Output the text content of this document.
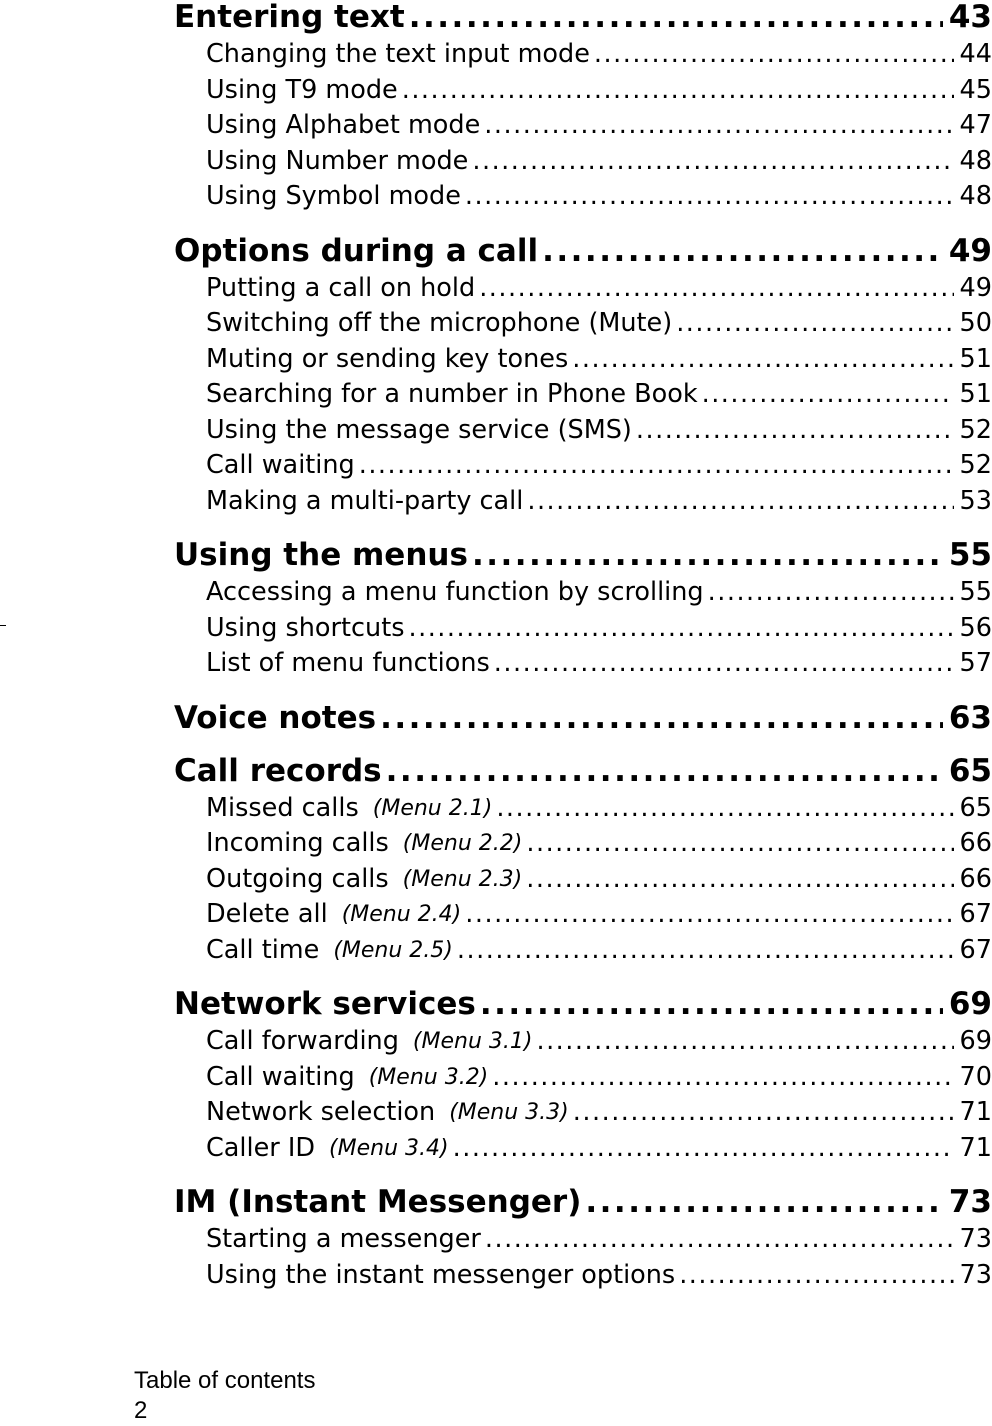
Entering text .....	43
Changing the text input mode .....	44
Using T9 mode .....	45
Using Alphabet mode .....	47
Using Number mode .....	48
Using Symbol mode .....	48
Options during a call .....	49
Putting a call on hold .....	49
Switching off the microphone (Mute) .....	50
Muting or sending key tones .....	51
Searching for a number in Phone Book .....	51
Using the message service (SMS) .....	52
Call waiting .....	52
Making a multi-party call .....	53
Using the menus .....	55
Accessing a menu function by scrolling .....	55
Using shortcuts .....	56
List of menu functions .....	57
Voice notes .....	63
Call records .....	65
Missed calls (Menu 2.1) .....	65
Incoming calls (Menu 2.2) .....	66
Outgoing calls (Menu 2.3) .....	66
Delete all (Menu 2.4) .....	67
Call time (Menu 2.5) .....	67
Network services .....	69
Call forwarding (Menu 3.1) .....	69
Call waiting (Menu 3.2) .....	70
Network selection (Menu 3.3) .....	71
Caller ID (Menu 3.4) .....	71
IM (Instant Messenger) .....	73
Starting a messenger .....	73
Using the instant messenger options .....	73
Table of contents
2
